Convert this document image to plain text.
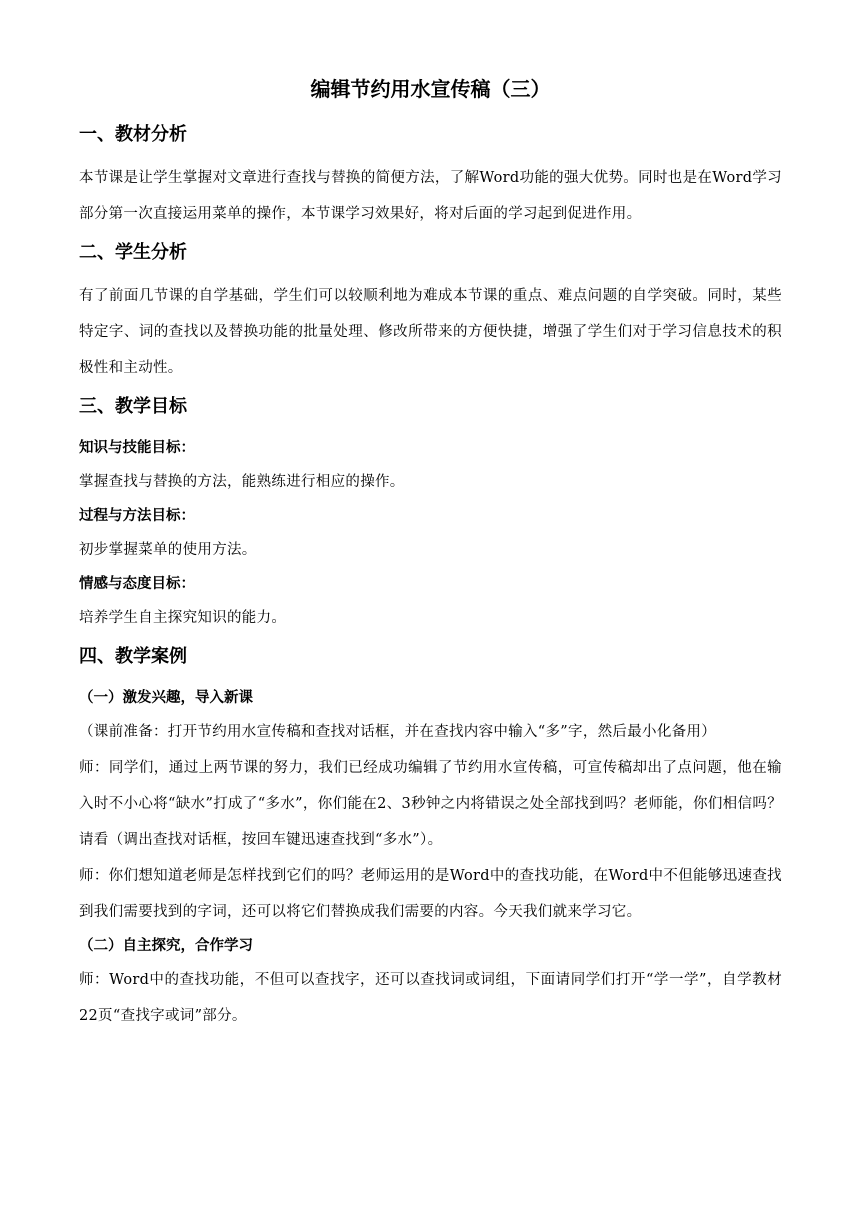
编辑节约用水宣传稿（三）
一、教材分析
本节课是让学生掌握对文章进行查找与替换的简便方法，了解Word功能的强大优势。同时也是在Word学习部分第一次直接运用菜单的操作，本节课学习效果好，将对后面的学习起到促进作用。
二、学生分析
有了前面几节课的自学基础，学生们可以较顺利地为难成本节课的重点、难点问题的自学突破。同时，某些特定字、词的查找以及替换功能的批量处理、修改所带来的方便快捷，增强了学生们对于学习信息技术的积极性和主动性。
三、教学目标
知识与技能目标：
掌握查找与替换的方法，能熟练进行相应的操作。
过程与方法目标：
初步掌握菜单的使用方法。
情感与态度目标：
培养学生自主探究知识的能力。
四、教学案例
（一）激发兴趣，导入新课
（课前准备：打开节约用水宣传稿和查找对话框，并在查找内容中输入“多”字，然后最小化备用）
师：同学们，通过上两节课的努力，我们已经成功编辑了节约用水宣传稿，可宣传稿却出了点问题，他在输入时不小心将“缺水”打成了“多水”，你们能在2、3秒钟之内将错误之处全部找到吗？老师能，你们相信吗？请看（调出查找对话框，按回车键迅速查找到“多水”）。
师：你们想知道老师是怎样找到它们的吗？老师运用的是Word中的查找功能，在Word中不但能够迅速查找到我们需要找到的字词，还可以将它们替换成我们需要的内容。今天我们就来学习它。
（二）自主探究，合作学习
师：Word中的查找功能，不但可以查找字，还可以查找词或词组，下面请同学们打开“学一学”，自学教材22页“查找字或词”部分。
